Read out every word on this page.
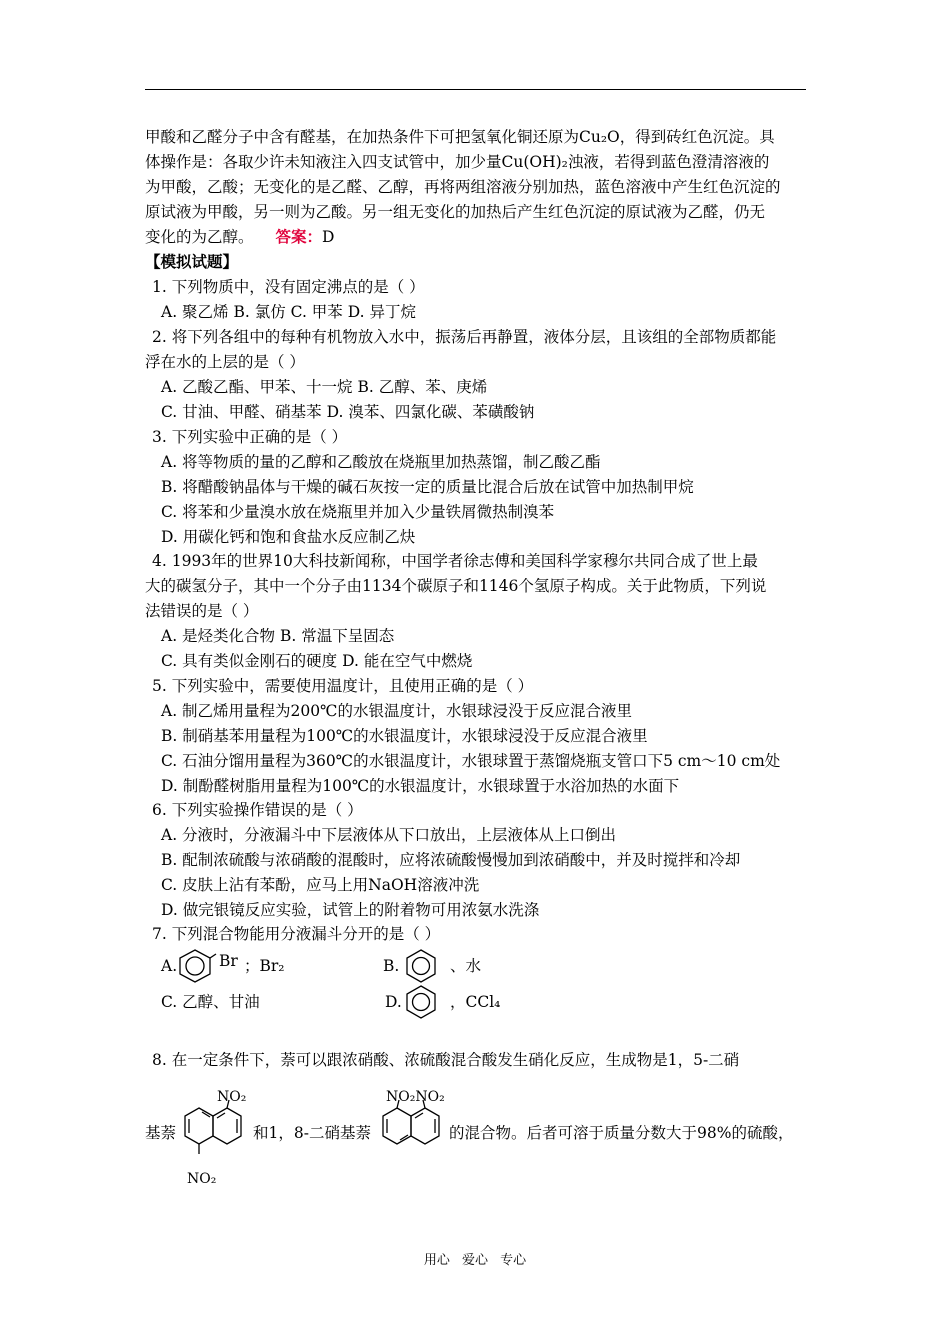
甲酸和乙醛分子中含有醛基，在加热条件下可把氢氧化铜还原为Cu₂O，得到砖红色沉淀。具
体操作是：各取少许未知液注入四支试管中，加少量Cu(OH)₂浊液，若得到蓝色澄清溶液的
为甲酸，乙酸；无变化的是乙醛、乙醇，再将两组溶液分别加热，蓝色溶液中产生红色沉淀的
原试液为甲酸，另一则为乙酸。另一组无变化的加热后产生红色沉淀的原试液为乙醛，仍无
变化的为乙醇。 答案：D
【模拟试题】
1. 下列物质中，没有固定沸点的是（ ）
A. 聚乙烯 B. 氯仿 C. 甲苯 D. 异丁烷
2. 将下列各组中的每种有机物放入水中，振荡后再静置，液体分层，且该组的全部物质都能
浮在水的上层的是（ ）
A. 乙酸乙酯、甲苯、十一烷 B. 乙醇、苯、庚烯
C. 甘油、甲醛、硝基苯 D. 溴苯、四氯化碳、苯磺酸钠
3. 下列实验中正确的是（ ）
A. 将等物质的量的乙醇和乙酸放在烧瓶里加热蒸馏，制乙酸乙酯
B. 将醋酸钠晶体与干燥的碱石灰按一定的质量比混合后放在试管中加热制甲烷
C. 将苯和少量溴水放在烧瓶里并加入少量铁屑微热制溴苯
D. 用碳化钙和饱和食盐水反应制乙炔
4. 1993年的世界10大科技新闻称，中国学者徐志傅和美国科学家穆尔共同合成了世上最
大的碳氢分子，其中一个分子由1134个碳原子和1146个氢原子构成。关于此物质，下列说
法错误的是（ ）
A. 是烃类化合物 B. 常温下呈固态
C. 具有类似金刚石的硬度 D. 能在空气中燃烧
5. 下列实验中，需要使用温度计，且使用正确的是（ ）
A. 制乙烯用量程为200℃的水银温度计，水银球浸没于反应混合液里
B. 制硝基苯用量程为100℃的水银温度计，水银球浸没于反应混合液里
C. 石油分馏用量程为360℃的水银温度计，水银球置于蒸馏烧瓶支管口下5 cm～10 cm处
D. 制酚醛树脂用量程为100℃的水银温度计，水银球置于水浴加热的水面下
6. 下列实验操作错误的是（ ）
A. 分液时，分液漏斗中下层液体从下口放出，上层液体从上口倒出
B. 配制浓硫酸与浓硝酸的混酸时，应将浓硫酸慢慢加到浓硝酸中，并及时搅拌和冷却
C. 皮肤上沾有苯酚，应马上用NaOH溶液冲洗
D. 做完银镜反应实验，试管上的附着物可用浓氨水洗涤
7. 下列混合物能用分液漏斗分开的是（ ）
A.	Br ；Br₂	B.	、水
C. 乙醇、甘油	D.	，CCl₄
8. 在一定条件下，萘可以跟浓硝酸、浓硫酸混合酸发生硝化反应，生成物是1，5-二硝
NO₂
NO₂
基萘	和1，8-二硝基萘
NO₂NO₂
的混合物。后者可溶于质量分数大于98%的硫酸，
用心 爱心 专心
